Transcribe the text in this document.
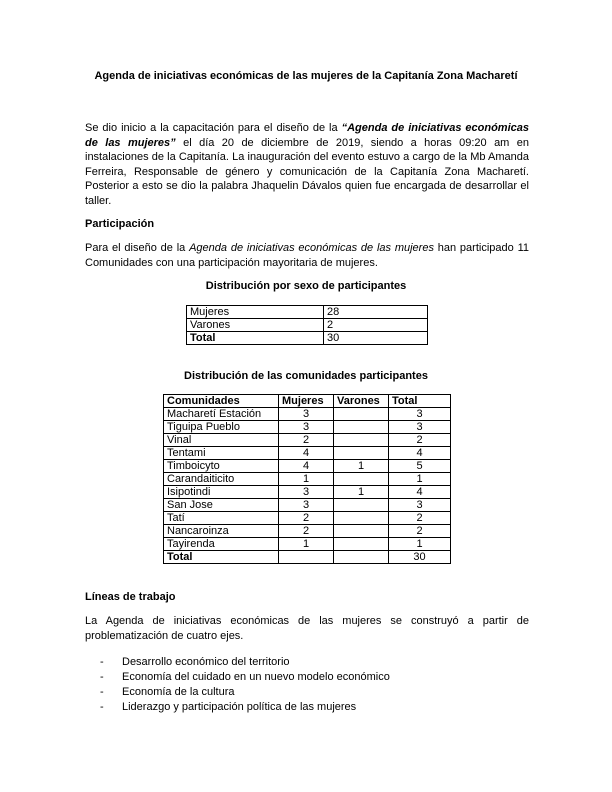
Agenda de iniciativas económicas de las mujeres de la Capitanía Zona Macharetí

Se dio inicio a la capacitación para el diseño de la “Agenda de iniciativas económicas de las mujeres” el día 20 de diciembre de 2019, siendo a horas 09:20 am en instalaciones de la Capitanía. La inauguración del evento estuvo a cargo de la Mb Amanda Ferreira, Responsable de género y comunicación de la Capitanía Zona Macharetí. Posterior a esto se dio la palabra Jhaquelin Dávalos quien fue encargada de desarrollar el taller.

Participación

Para el diseño de la Agenda de iniciativas económicas de las mujeres han participado 11 Comunidades con una participación mayoritaria de mujeres.

Distribución por sexo de participantes

Mujeres	28
Varones	2
Total	30

Distribución de las comunidades participantes

Comunidades	Mujeres	Varones	Total
Macharetí Estación	3		3
Tiguipa Pueblo	3		3
Vinal	2		2
Tentami	4		4
Timboicyto	4	1	5
Carandaiticito	1		1
Isipotindi	3	1	4
San Jose	3		3
Tatí	2		2
Nancaroinza	2		2
Tayirenda	1		1
Total			30

Líneas de trabajo

La Agenda de iniciativas económicas de las mujeres se construyó a partir de problematización de cuatro ejes.

- Desarrollo económico del territorio
- Economía del cuidado en un nuevo modelo económico
- Economía de la cultura
- Liderazgo y participación política de las mujeres
